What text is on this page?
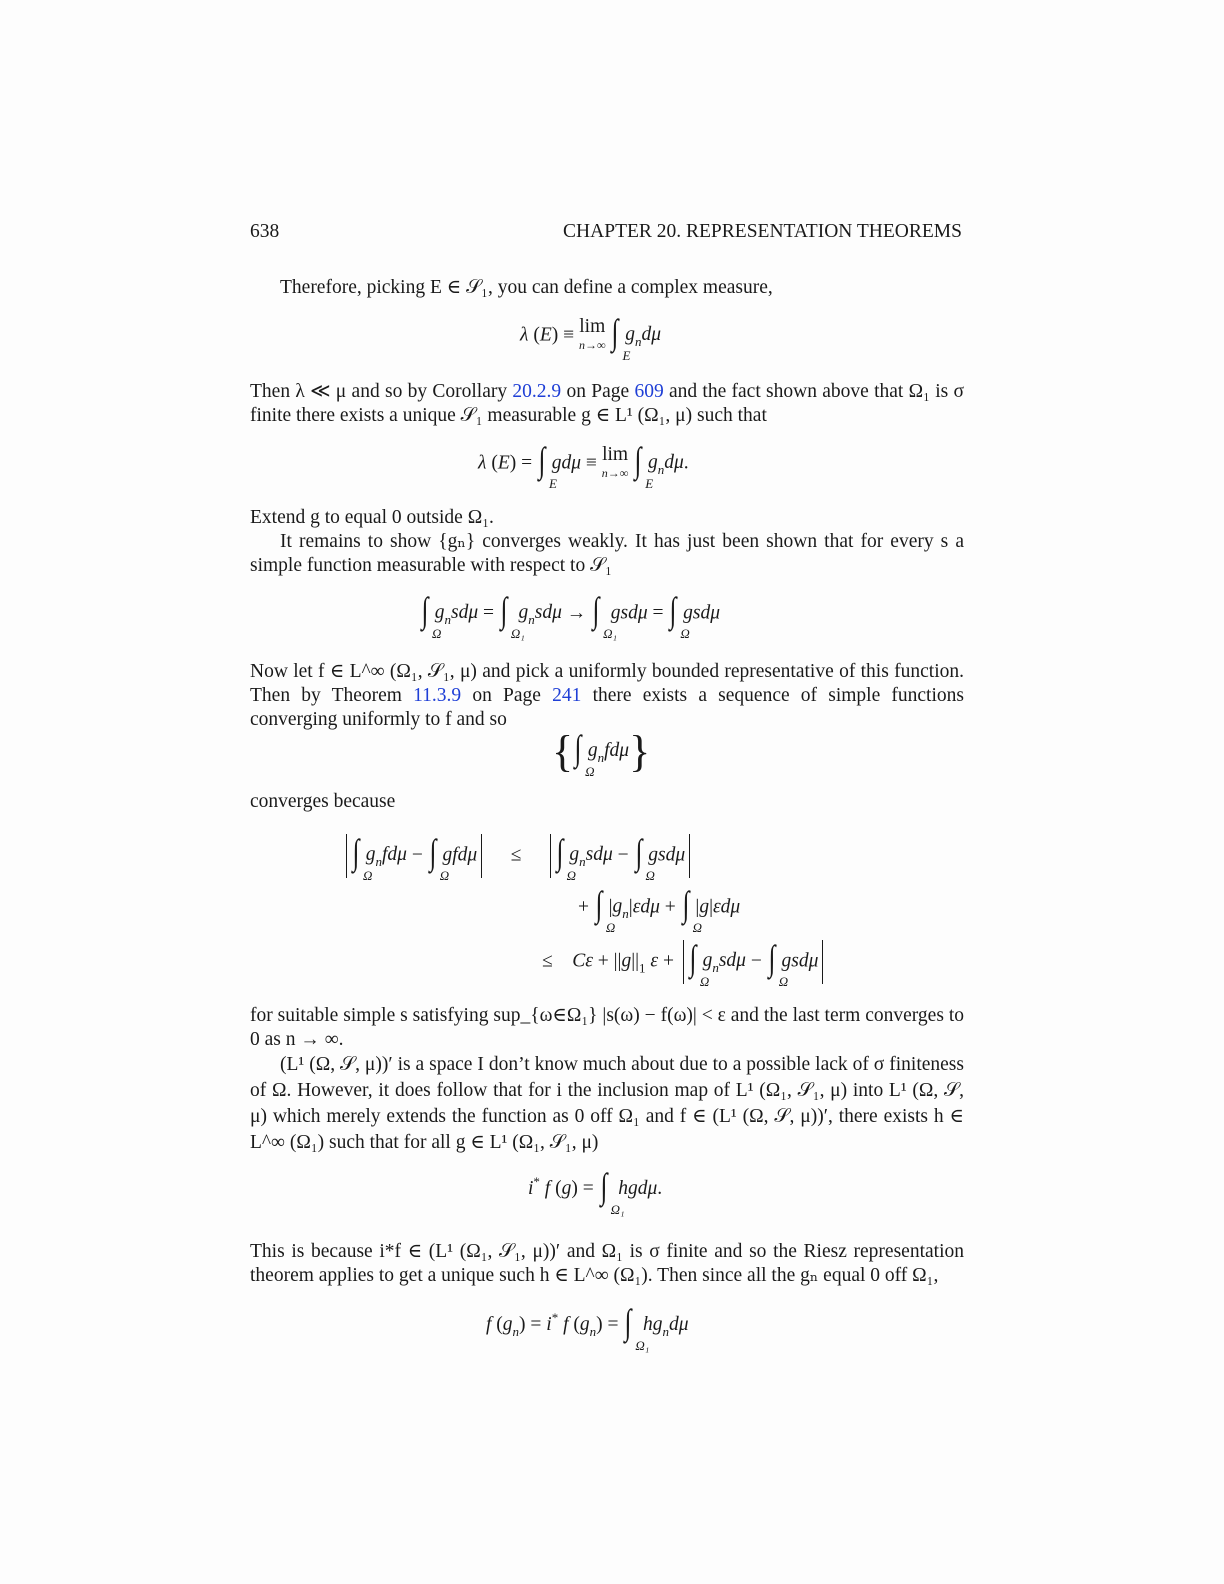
638	CHAPTER 20. REPRESENTATION THEOREMS
Therefore, picking E ∈ 𝒮₁, you can define a complex measure,
λ (E) ≡ lim
n→∞ ∫
E
$g_nd\mu$
Then λ ≪ μ and so by Corollary 20.2.9 on Page 609 and the fact shown above that Ω₁ is σ finite there exists a unique 𝒮₁ measurable g ∈ L¹ (Ω₁, μ) such that
λ (E) = ∫
E
gdμ ≡ lim
n→∞ ∫
E
$g_nd\mu$.
Extend g to equal 0 outside Ω₁.
It remains to show {gₙ} converges weakly. It has just been shown that for every s a simple function measurable with respect to 𝒮₁
∫
Ω
$g_nsd\mu$ = ∫
Ω₁
$g_nsd\mu$ → ∫
Ω₁
gsdμ = ∫
Ω
gsdμ
Now let f ∈ L^∞ (Ω₁, 𝒮₁, μ) and pick a uniformly bounded representative of this function. Then by Theorem 11.3.9 on Page 241 there exists a sequence of simple functions converging uniformly to f and so
{∫
Ω
$g_nfd\mu$}
converges because
∫
Ω
$g_nfd\mu$ − ∫
Ω
gfdμ     ≤     ∫
Ω
$g_nsd\mu$ − ∫
Ω
gsdμ
+ ∫
Ω
$|g_n|\varepsilon d\mu$ + ∫
Ω
|g|εdμ
≤    $C\varepsilon + ||g||_1$ ε + ∫
Ω
$g_nsd\mu$ − ∫
Ω
gsdμ
for suitable simple s satisfying sup_{ω∈Ω₁} |s(ω) − f(ω)| < ε and the last term converges to 0 as n → ∞.
(L¹ (Ω, 𝒮, μ))′ is a space I don’t know much about due to a possible lack of σ finiteness of Ω. However, it does follow that for i the inclusion map of L¹ (Ω₁, 𝒮₁, μ) into L¹ (Ω, 𝒮, μ) which merely extends the function as 0 off Ω₁ and f ∈ (L¹ (Ω, 𝒮, μ))′, there exists h ∈ L^∞ (Ω₁) such that for all g ∈ L¹ (Ω₁, 𝒮₁, μ)
i* f (g) = ∫
Ω₁
hgdμ.
This is because i*f ∈ (L¹ (Ω₁, 𝒮₁, μ))′ and Ω₁ is σ finite and so the Riesz representation theorem applies to get a unique such h ∈ L^∞ (Ω₁). Then since all the gₙ equal 0 off Ω₁,
f $(g_n) = i^*$ f $(g_n)$ = ∫
Ω₁
$hg_nd\mu$
